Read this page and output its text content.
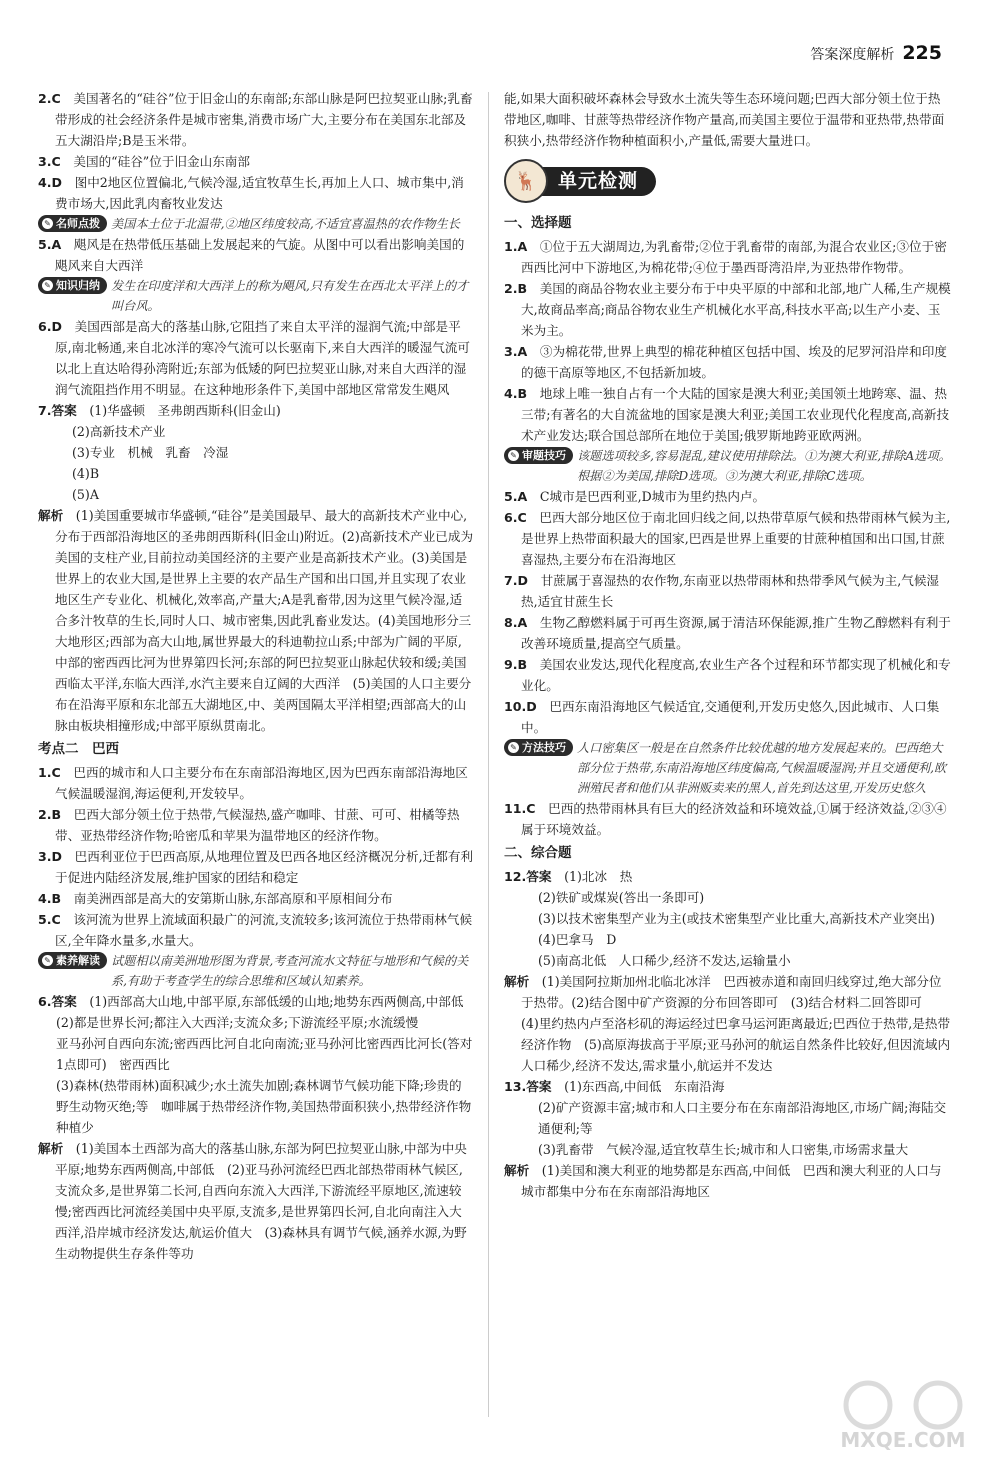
答案深度解析 225

2.C　 美国著名的“硅谷”位于旧金山的东南部;东部山脉是阿巴拉契亚山脉;乳畜带形成的社会经济条件是城市密集,消费市场广大,主要分布在美国东北部及五大湖沿岸;B是玉米带。

3.C　 美国的“硅谷”位于旧金山东南部

4.D　 图中2地区位置偏北,气候冷湿,适宜牧草生长,再加上人口、城市集中,消费市场大,因此乳肉畜牧业发达

✎ 名师点拨 美国本土位于北温带,②地区纬度较高,不适宜喜温热的农作物生长

5.A　 飓风是在热带低压基础上发展起来的气旋。从图中可以看出影响美国的飓风来自大西洋

✎ 知识归纳 发生在印度洋和大西洋上的称为飓风,只有发生在西北太平洋上的才叫台风。

6.D　 美国西部是高大的落基山脉,它阻挡了来自太平洋的湿润气流;中部是平原,南北畅通,来自北冰洋的寒冷气流可以长驱南下,来自大西洋的暖湿气流可以北上直达哈得孙湾附近;东部为低矮的阿巴拉契亚山脉,对来自大西洋的湿润气流阻挡作用不明显。在这种地形条件下,美国中部地区常常发生飓风

7.答案　 (1)华盛顿　圣弗朗西斯科(旧金山)

(2)高新技术产业

(3)专业　机械　乳畜　冷湿

(4)B

(5)A

解析　 (1)美国重要城市华盛顿,“硅谷”是美国最早、最大的高新技术产业中心,分布于西部沿海地区的圣弗朗西斯科(旧金山)附近。(2)高新技术产业已成为美国的支柱产业,目前拉动美国经济的主要产业是高新技术产业。(3)美国是世界上的农业大国,是世界上主要的农产品生产国和出口国,并且实现了农业地区生产专业化、机械化,效率高,产量大;A是乳畜带,因为这里气候冷湿,适合多汁牧草的生长,同时人口、城市密集,因此乳畜业发达。(4)美国地形分三大地形区;西部为高大山地,属世界最大的科迪勒拉山系;中部为广阔的平原,中部的密西西比河为世界第四长河;东部的阿巴拉契亚山脉起伏较和缓;美国西临太平洋,东临大西洋,水汽主要来自辽阔的大西洋　(5)美国的人口主要分布在沿海平原和东北部五大湖地区,中、美两国隔太平洋相望;西部高大的山脉由板块相撞形成;中部平原纵贯南北。

考点二　巴西

1.C　 巴西的城市和人口主要分布在东南部沿海地区,因为巴西东南部沿海地区气候温暖湿润,海运便利,开发较早。

2.B　 巴西大部分领土位于热带,气候湿热,盛产咖啡、甘蔗、可可、柑橘等热带、亚热带经济作物;哈密瓜和苹果为温带地区的经济作物。

3.D　 巴西利亚位于巴西高原,从地理位置及巴西各地区经济概况分析,迁都有利于促进内陆经济发展,维护国家的团结和稳定

4.B　 南美洲西部是高大的安第斯山脉,东部高原和平原相间分布

5.C　 该河流为世界上流域面积最广的河流,支流较多;该河流位于热带雨林气候区,全年降水量多,水量大。

✎ 素养解读 试题相以南美洲地形图为背景,考查河流水文特征与地形和气候的关系,有助于考查学生的综合思维和区域认知素养。

6.答案　 (1)西部高大山地,中部平原,东部低缓的山地;地势东西两侧高,中部低

(2)都是世界长河;都注入大西洋;支流众多;下游流经平原;水流缓慢

亚马孙河自西向东流;密西西比河自北向南流;亚马孙河比密西西比河长(答对1点即可)　密西西比

(3)森林(热带雨林)面积减少;水土流失加剧;森林调节气候功能下降;珍贵的野生动物灭绝;等　咖啡属于热带经济作物,美国热带面积狭小,热带经济作物种植少

解析　 (1)美国本土西部为高大的落基山脉,东部为阿巴拉契亚山脉,中部为中央平原;地势东西两侧高,中部低　(2)亚马孙河流经巴西北部热带雨林气候区,支流众多,是世界第二长河,自西向东流入大西洋,下游流经平原地区,流速较慢;密西西比河流经美国中央平原,支流多,是世界第四长河,自北向南注入大西洋,沿岸城市经济发达,航运价值大　(3)森林具有调节气候,涵养水源,为野生动物提供生存条件等功

能,如果大面积破坏森林会导致水土流失等生态环境问题;巴西大部分领土位于热带地区,咖啡、甘蔗等热带经济作物产量高,而美国主要位于温带和亚热带,热带面积狭小,热带经济作物种植面积小,产量低,需要大量进口。

🦌	单元检测

一、选择题

1.A　 ①位于五大湖周边,为乳畜带;②位于乳畜带的南部,为混合农业区;③位于密西西比河中下游地区,为棉花带;④位于墨西哥湾沿岸,为亚热带作物带。

2.B　 美国的商品谷物农业主要分布于中央平原的中部和北部,地广人稀,生产规模大,故商品率高;商品谷物农业生产机械化水平高,科技水平高;以生产小麦、玉米为主。

3.A　 ③为棉花带,世界上典型的棉花种植区包括中国、埃及的尼罗河沿岸和印度的德干高原等地区,不包括新加坡。

4.B　 地球上唯一独自占有一个大陆的国家是澳大利亚;美国领土地跨寒、温、热三带;有著名的大自流盆地的国家是澳大利亚;美国工农业现代化程度高,高新技术产业发达;联合国总部所在地位于美国;俄罗斯地跨亚欧两洲。

✎ 审题技巧 该题选项较多,容易混乱,建议使用排除法。①为澳大利亚,排除A选项。根据②为美国,排除D选项。③为澳大利亚,排除C选项。

5.A　 C城市是巴西利亚,D城市为里约热内卢。

6.C　 巴西大部分地区位于南北回归线之间,以热带草原气候和热带雨林气候为主,是世界上热带面积最大的国家,巴西是世界上重要的甘蔗种植国和出口国,甘蔗喜湿热,主要分布在沿海地区

7.D　 甘蔗属于喜湿热的农作物,东南亚以热带雨林和热带季风气候为主,气候湿热,适宜甘蔗生长

8.A　 生物乙醇燃料属于可再生资源,属于清洁环保能源,推广生物乙醇燃料有利于改善环境质量,提高空气质量。

9.B　 美国农业发达,现代化程度高,农业生产各个过程和环节都实现了机械化和专业化。

10.D　 巴西东南沿海地区气候适宜,交通便利,开发历史悠久,因此城市、人口集中。

✎ 方法技巧 人口密集区一般是在自然条件比较优越的地方发展起来的。巴西绝大部分位于热带,东南沿海地区纬度偏高,气候温暖湿润;并且交通便利,欧洲殖民者和他们从非洲贩卖来的黑人,首先到达这里,开发历史悠久

11.C　 巴西的热带雨林具有巨大的经济效益和环境效益,①属于经济效益,②③④属于环境效益。

二、综合题

12.答案　 (1)北冰　热

(2)铁矿或煤炭(答出一条即可)

(3)以技术密集型产业为主(或技术密集型产业比重大,高新技术产业突出)

(4)巴拿马　D

(5)南高北低　人口稀少,经济不发达,运输量小

解析　 (1)美国阿拉斯加州北临北冰洋　巴西被赤道和南回归线穿过,绝大部分位于热带。(2)结合图中矿产资源的分布回答即可　(3)结合材料二回答即可　(4)里约热内卢至洛杉矶的海运经过巴拿马运河距离最近;巴西位于热带,是热带经济作物　(5)高原海拔高于平原;亚马孙河的航运自然条件比较好,但因流域内人口稀少,经济不发达,需求量小,航运并不发达

13.答案　 (1)东西高,中间低　东南沿海

(2)矿产资源丰富;城市和人口主要分布在东南部沿海地区,市场广阔;海陆交通便利;等

(3)乳畜带　气候冷湿,适宜牧草生长;城市和人口密集,市场需求量大

解析　 (1)美国和澳大利亚的地势都是东西高,中间低　巴西和澳大利亚的人口与城市都集中分布在东南部沿海地区

MXQE.COM
